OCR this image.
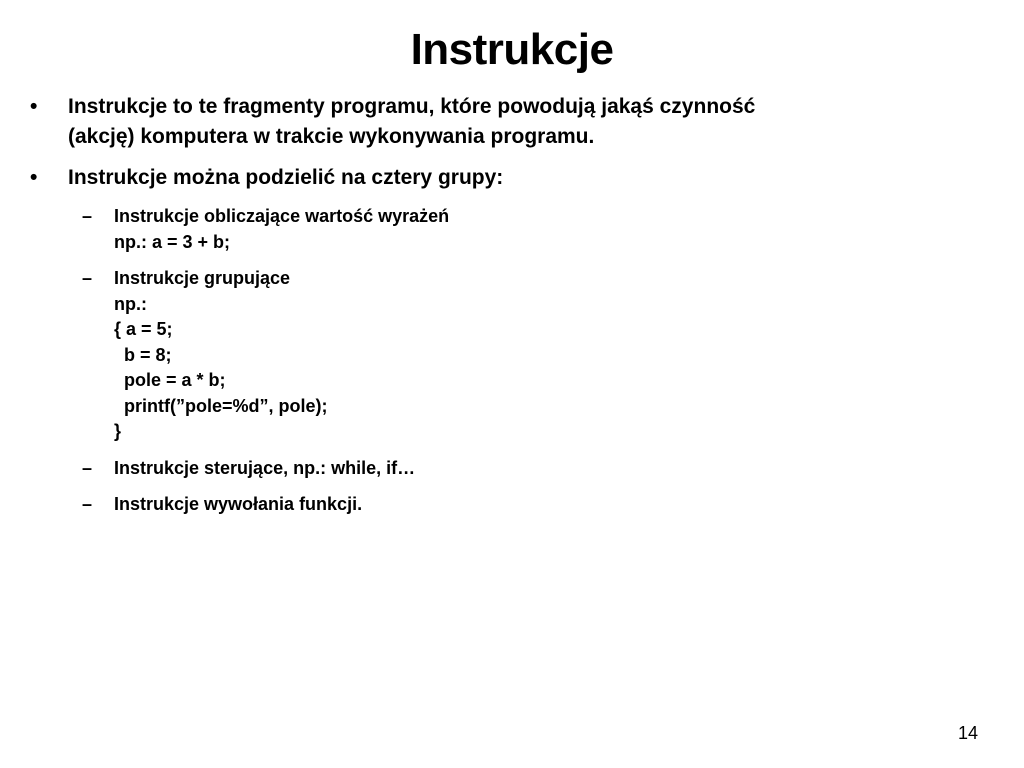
Instrukcje
•	Instrukcje to te fragmenty programu, które powodują jakąś czynność
(akcję) komputera w trakcie wykonywania programu.
•	Instrukcje można podzielić na cztery grupy:
– Instrukcje obliczające wartość wyrażeń
np.: a = 3 + b;
– Instrukcje grupujące
np.:
{ a = 5;
b = 8;
pole = a * b;
printf(”pole=%d”, pole);
}
– Instrukcje sterujące, np.: while, if…
– Instrukcje wywołania funkcji.
14
